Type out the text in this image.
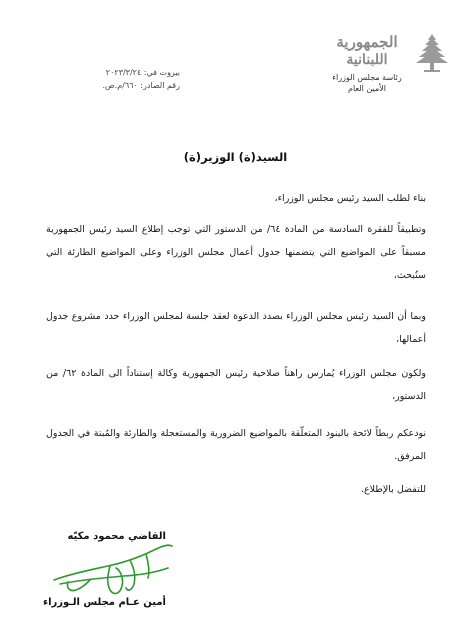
الجمهورية
اللبنانية
رئاسة مجلس الوزراء
الأمين العام
بيروت في: ٢٠٢٣/٣/٢٤
رقم الصادر: ٦٦٠/م.ص.
السيد(ة) الوزير(ة)

بناء لطلب السيد رئيس مجلس الوزراء،

وتطبيقاً للفقرة السادسة من المادة ٦٤/ من الدستور التي توجب إطلاع السيد رئيس الجمهورية مسبقاً على المواضيع التي يتضمنها جدول أعمال مجلس الوزراء وعلى المواضيع الطارئة التي ستُبحث،

وبما أن السيد رئيس مجلس الوزراء بصدد الدعوة لعقد جلسة لمجلس الوزراء حدد مشروع جدول أعمالها،

ولكون مجلس الوزراء يُمارس راهناً صلاحية رئيس الجمهورية وكالة إستناداً الى المادة ٦٢/ من الدستور،

نودعكم ربطاً لائحة بالبنود المتعلّقة بالمواضيع الضرورية والمستعجلة والطارئة والمُبتة في الجدول المرفق.

للتفضل بالإطلاع.

القاضي محمود مكيّه
أمين عـام مجلس الـوزراء
